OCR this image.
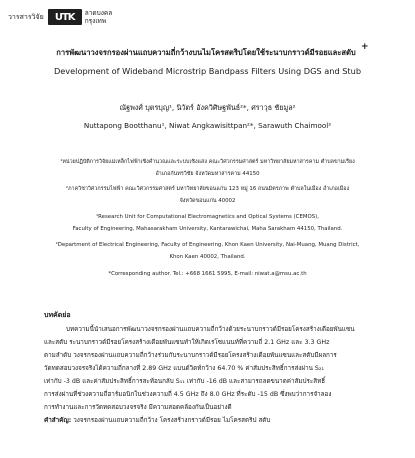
วารสารวิจัย	UTK	ลาดบงคล
กรุงเทพ
การพัฒนาวงจรกรองผ่านแถบความถี่กว้างบนไมโครสตริปโดยใช้ระนาบกราวด์มีรอยและสตับ
+
Development of Wideband Microstrip Bandpass Filters Using DGS and Stub
ณัฐพงศ์ บุตรบุญ¹, นิวัตร์ อังควิศิษฐพันธ์²*, ศราวุธ ชัยมูล²
Nuttapong Bootthanu¹, Niwat Angkawisittpan²*, Sarawuth Chaimool²
¹หน่วยปฏิบัติการวิจัยแม่เหล็กไฟฟ้าเชิงคำนวณและระบบเชิงแสง คณะวิศวกรรมศาสตร์ มหาวิทยาลัยมหาสารคาม ตำบลขามเรียง
อำเภอกันทรวิชัย จังหวัดมหาสารคาม 44150
²ภาควิชาวิศวกรรมไฟฟ้า คณะวิศวกรรมศาสตร์ มหาวิทยาลัยขอนแก่น 123 หมู่ 16 ถนนมิตรภาพ ตำบลในเมือง อำเภอเมือง
จังหวัดขอนแก่น 40002
¹Research Unit for Computational Electromagnetics and Optical Systems (CEMOS),
Faculty of Engineering, Mahasarakham University, Kantarawichai, Maha Sarakham 44150, Thailand.
²Department of Electrical Engineering, Faculty of Engineering, Khon Kaen University, Nai-Muang, Muang District,
Khon Kaen 40002, Thailand.
*Corresponding author. Tel.: +668 1661 5995, E-mail: niwat.a@msu.ac.th
บทคัดย่อ
บทความนี้นำเสนอการพัฒนาวงจรกรองผ่านแถบความถี่กว้างด้วยระนาบกราวด์มีรอยโครงสร้างเดือยพันแซน
และสตับ ระนาบกราวด์มีรอยโครงสร้างเดือยพันแซนทำให้เกิดเรโซแนนท์ที่ความถี่ 2.1 GHz และ 3.3 GHz
ตามลำดับ วงจรกรองผ่านแถบความถี่กว้างร่วมกับระนาบกราวด์มีรอยโครงสร้างเดือยพันแซนและสตับมีผลการ
วัดทดสอบวงจรจริงได้ความถี่กลางที่ 2.89 GHz แบนด์วิดท์กว้าง 64.70 % ค่าสัมประสิทธิ์การส่งผ่าน S₂₁
เท่ากับ -3 dB และค่าสัมประสิทธิ์การสะท้อนกลับ S₁₁ เท่ากับ -16 dB และสามารถลดขนาดค่าสัมประสิทธิ์
การส่งผ่านที่ช่วงความถี่ฮาร์มอนิกในช่วงความถี่ 4.5 GHz ถึง 8.0 GHz ที่ระดับ -15 dB ซึ่งพบว่าการจำลอง
การทำงานและการวัดทดสอบวงจรจริง มีความสอดคล้องกันเป็นอย่างดี
คำสำคัญ: วงจรกรองผ่านแถบความถี่กว้าง โครงสร้างกราวด์มีรอย ไมโครสตริป สตับ
